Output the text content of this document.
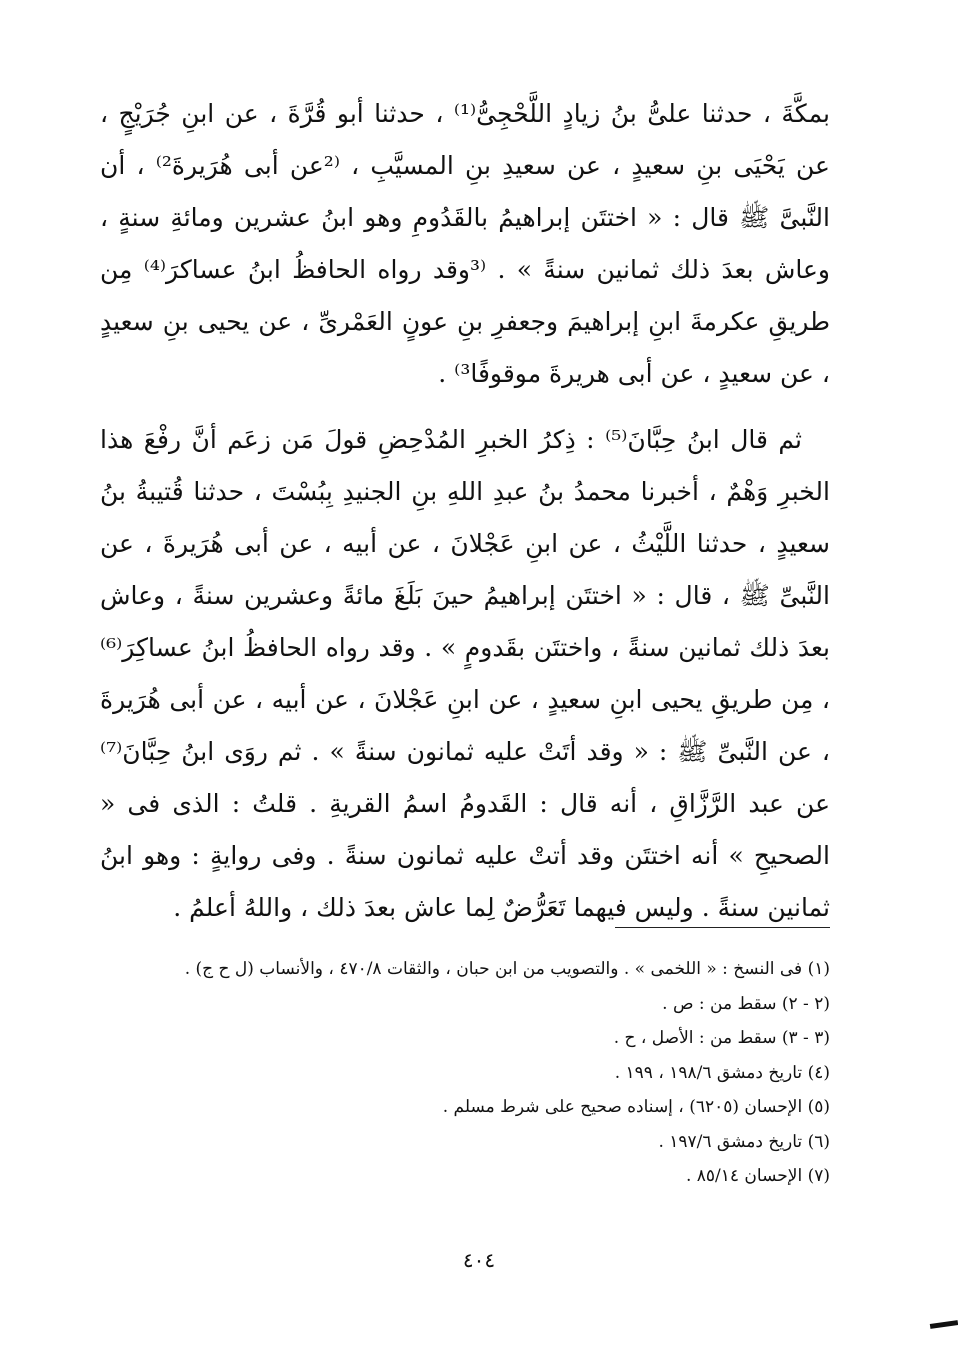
بمكَّةَ ، حدثنا علىُّ بنُ زيادٍ اللَّحْجِىُّ⁽¹⁾ ، حدثنا أبو قُرَّةَ ، عن ابنِ جُرَيْجٍ ، عن يَحْيَى بنِ سعيدٍ ، عن سعيدِ بنِ المسيَّبِ ، ⁽²عن أبى هُرَيرةَ²⁾ ، أن النَّبىَّ ﷺ قال : « اختتَن إبراهيمُ بالقَدُومِ وهو ابنُ عشرين ومائةِ سنةٍ ، وعاش بعدَ ذلك ثمانين سنةً » . ⁽³وقد رواه الحافظُ ابنُ عساكرَ⁽⁴⁾ مِن طريقِ عكرمةَ ابنِ إبراهيمَ وجعفرِ بنِ عونٍ العَمْرىِّ ، عن يحيى بنِ سعيدٍ ، عن سعيدٍ ، عن أبى هريرةَ موقوفًا³⁾ .

ثم قال ابنُ حِبَّانَ⁽⁵⁾ : ذِكرُ الخبرِ المُدْحِضِ قولَ مَن زعَم أنَّ رفْعَ هذا الخبرِ وَهْمٌ ، أخبرنا محمدُ بنُ عبدِ اللهِ بنِ الجنيدِ بِبُسْتَ ، حدثنا قُتيبةُ بنُ سعيدٍ ، حدثنا اللَّيْثُ ، عن ابنِ عَجْلانَ ، عن أبيه ، عن أبى هُرَيرةَ ، عن النَّبىِّ ﷺ ، قال : « اختتَن إبراهيمُ حينَ بَلَغَ مائةً وعشرين سنةً ، وعاش بعدَ ذلك ثمانين سنةً ، واختتَن بقَدومٍ » . وقد رواه الحافظُ ابنُ عساكِرَ⁽⁶⁾ ، مِن طريقِ يحيى ابنِ سعيدٍ ، عن ابنِ عَجْلانَ ، عن أبيه ، عن أبى هُرَيرةَ ، عن النَّبىِّ ﷺ : « وقد أتَتْ عليه ثمانون سنةً » . ثم روَى ابنُ حِبَّانَ⁽⁷⁾ عن عبد الرَّزَّاقِ ، أنه قال : القَدومُ اسمُ القريةِ . قلتُ : الذى فى « الصحيحِ » أنه اختتَن وقد أتتْ عليه ثمانون سنةً . وفى روايةٍ : وهو ابنُ ثمانين سنةً . وليس فيهما تَعَرُّضٌ لِما عاش بعدَ ذلك ، واللهُ أعلمُ .

(١) فى النسخ : « اللخمى » . والتصويب من ابن حبان ، والثقات ٤٧٠/٨ ، والأنساب (ل ح ج) .
(٢ - ٢) سقط من : ص .
(٣ - ٣) سقط من : الأصل ، ح .
(٤) تاريخ دمشق ١٩٨/٦ ، ١٩٩ .
(٥) الإحسان (٦٢٠٥) ، إسناده صحيح على شرط مسلم .
(٦) تاريخ دمشق ١٩٧/٦ .
(٧) الإحسان ٨٥/١٤ .
٤٠٤
